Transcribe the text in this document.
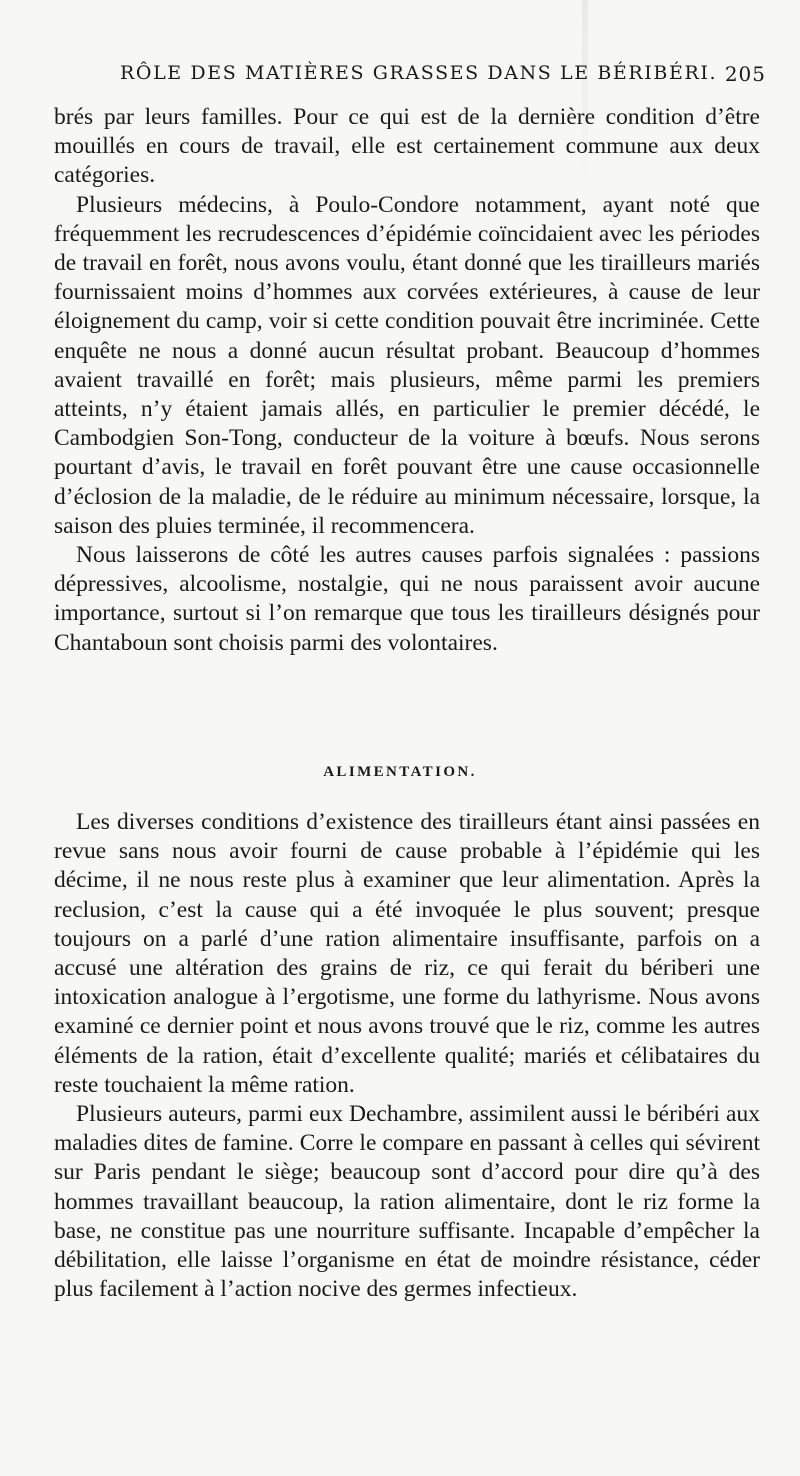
RÔLE DES MATIÈRES GRASSES DANS LE BÉRIBÉRI. 205

brés par leurs familles. Pour ce qui est de la dernière condition d’être mouillés en cours de travail, elle est certainement commune aux deux catégories.

Plusieurs médecins, à Poulo-Condore notamment, ayant noté que fréquemment les recrudescences d’épidémie coïncidaient avec les périodes de travail en forêt, nous avons voulu, étant donné que les tirailleurs mariés fournissaient moins d’hommes aux corvées extérieures, à cause de leur éloignement du camp, voir si cette condition pouvait être incriminée. Cette enquête ne nous a donné aucun résultat probant. Beaucoup d’hommes avaient travaillé en forêt; mais plusieurs, même parmi les premiers atteints, n’y étaient jamais allés, en particulier le premier décédé, le Cambodgien Son-Tong, conducteur de la voiture à bœufs. Nous serons pourtant d’avis, le travail en forêt pouvant être une cause occasionnelle d’éclosion de la maladie, de le réduire au minimum nécessaire, lorsque, la saison des pluies terminée, il recommencera.

Nous laisserons de côté les autres causes parfois signalées : passions dépressives, alcoolisme, nostalgie, qui ne nous paraissent avoir aucune importance, surtout si l’on remarque que tous les tirailleurs désignés pour Chantaboun sont choisis parmi des volontaires.

ALIMENTATION.

Les diverses conditions d’existence des tirailleurs étant ainsi passées en revue sans nous avoir fourni de cause probable à l’épidémie qui les décime, il ne nous reste plus à examiner que leur alimentation. Après la reclusion, c’est la cause qui a été invoquée le plus souvent; presque toujours on a parlé d’une ration alimentaire insuffisante, parfois on a accusé une altération des grains de riz, ce qui ferait du bériberi une intoxication analogue à l’ergotisme, une forme du lathyrisme. Nous avons examiné ce dernier point et nous avons trouvé que le riz, comme les autres éléments de la ration, était d’excellente qualité; mariés et célibataires du reste touchaient la même ration.

Plusieurs auteurs, parmi eux Dechambre, assimilent aussi le béribéri aux maladies dites de famine. Corre le compare en passant à celles qui sévirent sur Paris pendant le siège; beaucoup sont d’accord pour dire qu’à des hommes travaillant beaucoup, la ration alimentaire, dont le riz forme la base, ne constitue pas une nourriture suffisante. Incapable d’empêcher la débilitation, elle laisse l’organisme en état de moindre résistance, céder plus facilement à l’action nocive des germes infectieux.
